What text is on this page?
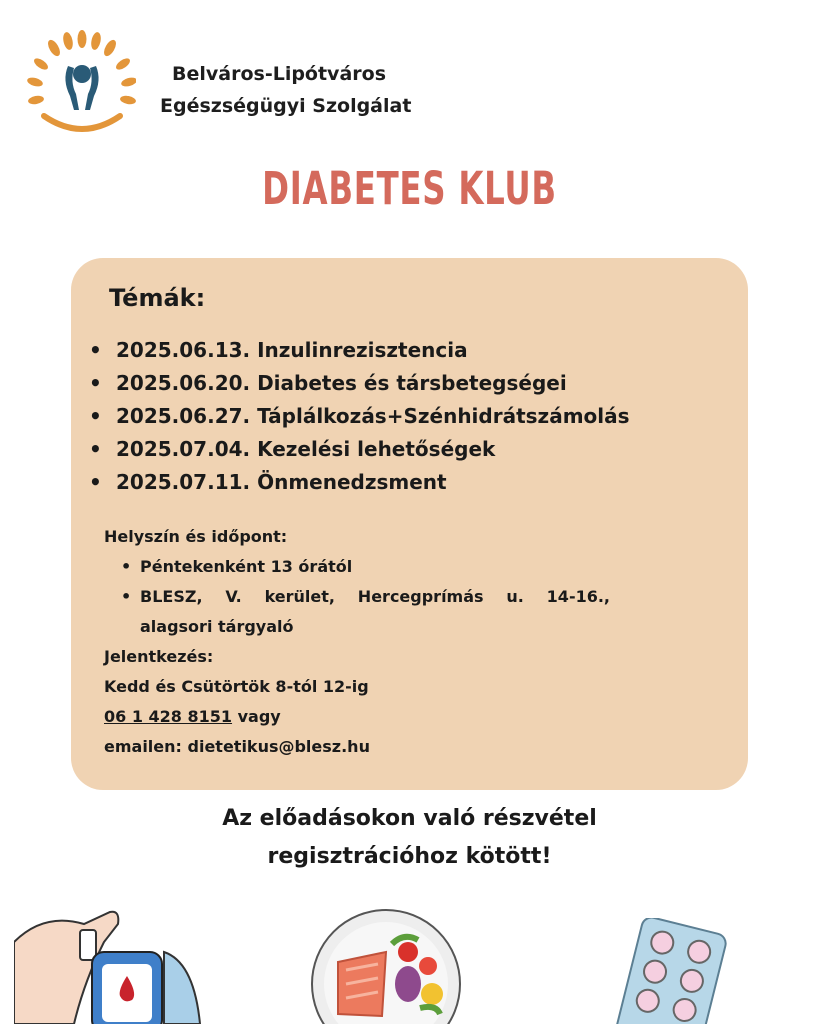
Belváros-Lipótváros
Egészségügyi Szolgálat
DIABETES KLUB
Témák:
• 2025.06.13. Inzulinrezisztencia
• 2025.06.20. Diabetes és társbetegségei
• 2025.06.27. Táplálkozás+Szénhidrátszámolás
• 2025.07.04. Kezelési lehetőségek
• 2025.07.11. Önmenedzsment
Helyszín és időpont:
• Péntekenként 13 órától
• BLESZ, V. kerület, Hercegprímás u. 14-16.,
alagsori tárgyaló
Jelentkezés:
Kedd és Csütörtök 8-tól 12-ig
06 1 428 8151 vagy
emailen: dietetikus@blesz.hu
Az előadásokon való részvétel
regisztrációhoz kötött!
